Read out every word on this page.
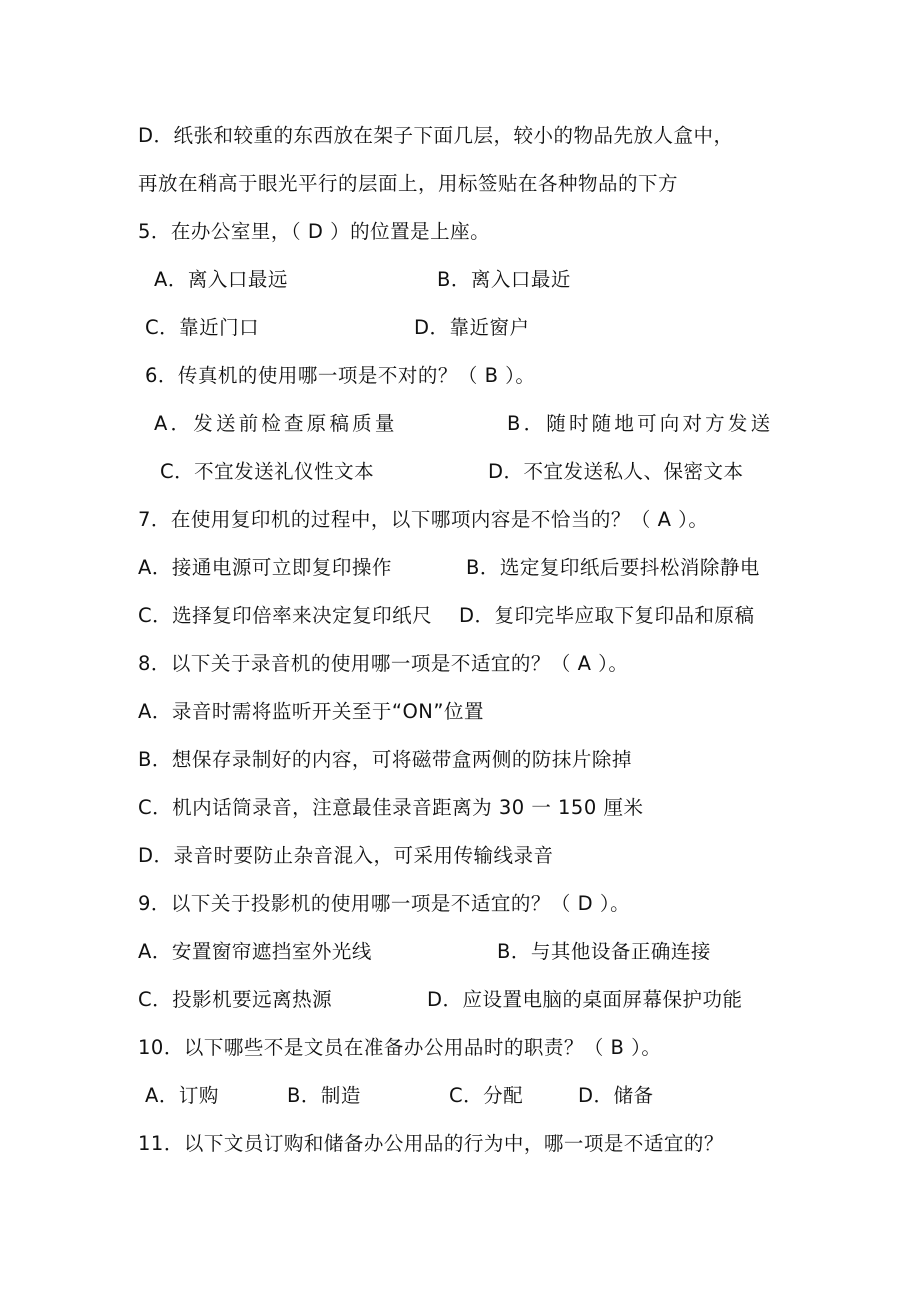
D．纸张和较重的东西放在架子下面几层，较小的物品先放人盒中，
再放在稍高于眼光平行的层面上，用标签贴在各种物品的下方
5．在办公室里，（ D ）的位置是上座。
A．离入口最远	B．离入口最近
C．靠近门口	D．靠近窗户
6．传真机的使用哪一项是不对的？（ B ）。
A．发送前检查原稿质量	B．随时随地可向对方发送
C．不宜发送礼仪性文本	D．不宜发送私人、保密文本
7．在使用复印机的过程中，以下哪项内容是不恰当的？（ A ）。
A．接通电源可立即复印操作	B．选定复印纸后要抖松消除静电
C．选择复印倍率来决定复印纸尺 D．复印完毕应取下复印品和原稿
8．以下关于录音机的使用哪一项是不适宜的？（ A ）。
A．录音时需将监听开关至于“ON”位置
B．想保存录制好的内容，可将磁带盒两侧的防抹片除掉
C．机内话筒录音，注意最佳录音距离为 30 一 150 厘米
D．录音时要防止杂音混入，可采用传输线录音
9．以下关于投影机的使用哪一项是不适宜的？（ D ）。
A．安置窗帘遮挡室外光线	B．与其他设备正确连接
C．投影机要远离热源	D．应设置电脑的桌面屏幕保护功能
10．以下哪些不是文员在准备办公用品时的职责？（ B ）。
A．订购	B．制造	C．分配	D．储备
11．以下文员订购和储备办公用品的行为中，哪一项是不适宜的？
